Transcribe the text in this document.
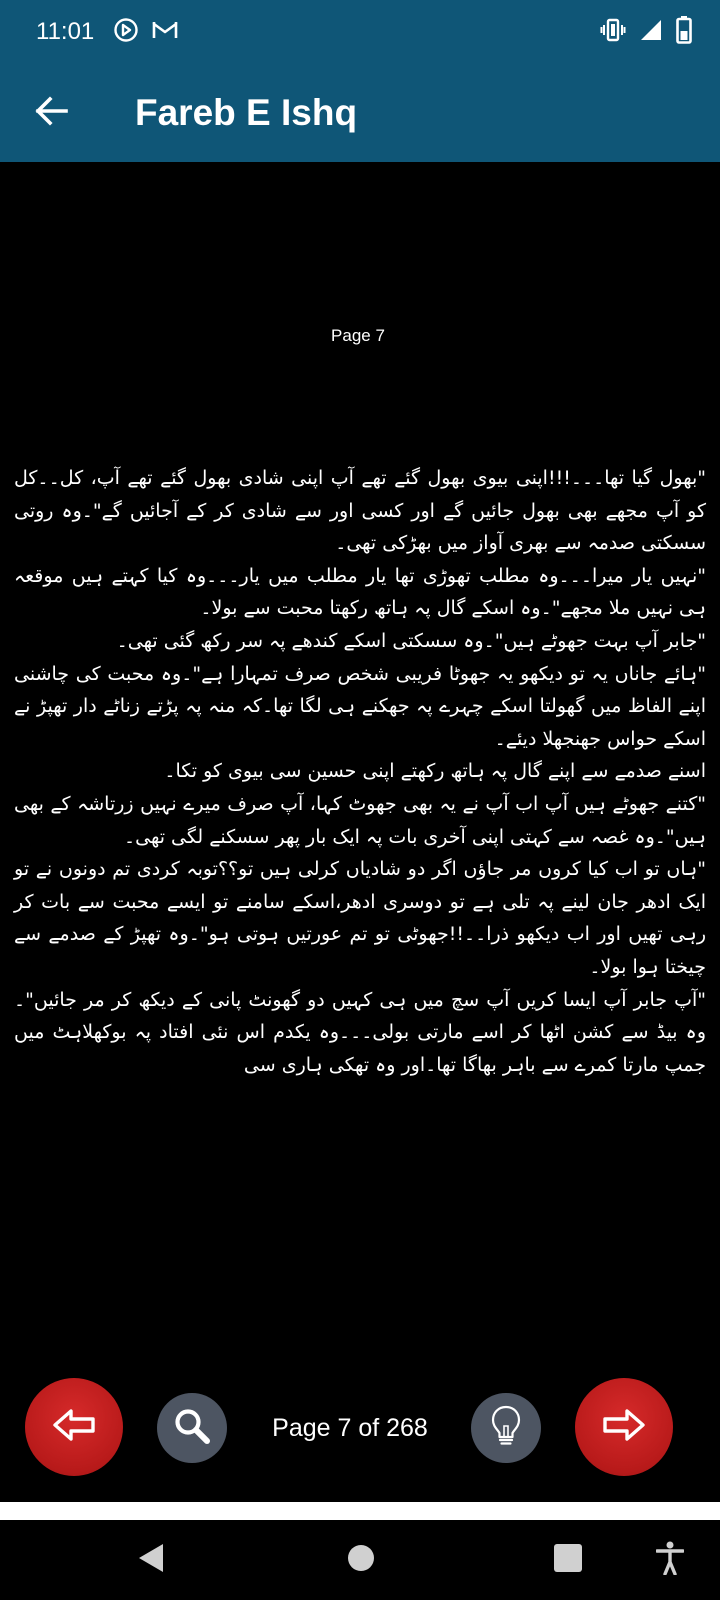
11:01
Fareb E Ishq
Page 7

"بھول گیا تھا۔۔۔!!!اپنی بیوی بھول گئے تھے آپ اپنی شادی بھول گئے تھے آپ، کل۔۔کل کو آپ مجھے بھی بھول جائیں گے اور کسی اور سے شادی کر کے آجائیں گے"۔وہ روتی سسکتی صدمہ سے بھری آواز میں بھڑکی تھی۔

"نہیں یار میرا۔۔۔وہ مطلب تھوڑی تھا یار مطلب میں یار۔۔۔وہ کیا کہتے ہیں موقعہ ہی نہیں ملا مجھے"۔وہ اسکے گال پہ ہاتھ رکھتا محبت سے بولا۔

"جابر آپ بہت جھوٹے ہیں"۔وہ سسکتی اسکے کندھے پہ سر رکھ گئی تھی۔

"ہائے جاناں یہ تو دیکھو یہ جھوٹا فریبی شخص صرف تمہارا ہے"۔وہ محبت کی چاشنی اپنے الفاظ میں گھولتا اسکے چہرے پہ جھکنے ہی لگا تھا۔کہ منہ پہ پڑتے زناٹے دار تھپڑ نے اسکے حواس جھنجھلا دیئے۔

اسنے صدمے سے اپنے گال پہ ہاتھ رکھتے اپنی حسین سی بیوی کو تکا۔

"کتنے جھوٹے ہیں آپ اب آپ نے یہ بھی جھوٹ کہا، آپ صرف میرے نہیں زرتاشہ کے بھی ہیں"۔وہ غصہ سے کہتی اپنی آخری بات پہ ایک بار پھر سسکنے لگی تھی۔

"ہاں تو اب کیا کروں مر جاؤں اگر دو شادیاں کرلی ہیں تو؟؟توبہ کردی تم دونوں نے تو ایک ادھر جان لینے پہ تلی ہے تو دوسری ادھر،اسکے سامنے تو ایسے محبت سے بات کر رہی تھیں اور اب دیکھو ذرا۔۔!!جھوٹی تو تم عورتیں ہوتی ہو"۔وہ تھپڑ کے صدمے سے چیختا ہوا بولا۔

"آپ جابر آپ ایسا کریں آپ سچ میں ہی کہیں دو گھونٹ پانی کے دیکھ کر مر جائیں"۔وہ بیڈ سے کشن اٹھا کر اسے مارتی بولی۔۔۔وہ یکدم اس نئی افتاد پہ بوکھلاہٹ میں جمپ مارتا کمرے سے باہر بھاگا تھا۔اور وہ تھکی ہاری سی

Page 7 of 268
